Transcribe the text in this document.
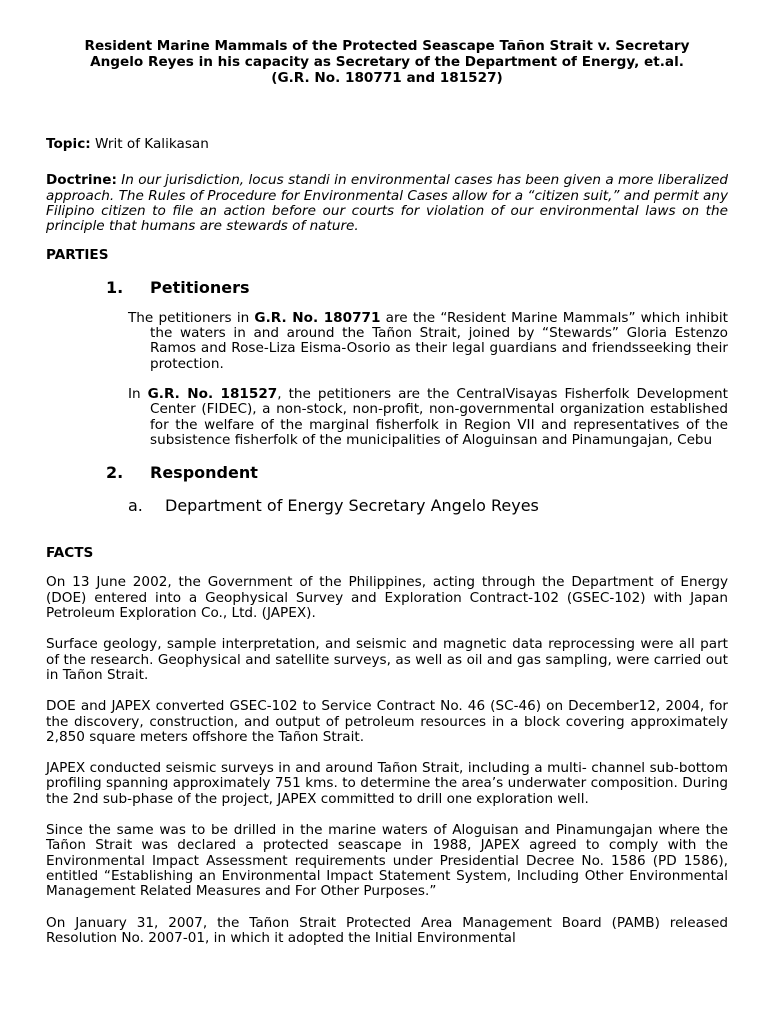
Resident Marine Mammals of the Protected Seascape Tañon Strait v. Secretary
Angelo Reyes in his capacity as Secretary of the Department of Energy, et.al.
(G.R. No. 180771 and 181527)

Topic: Writ of Kalikasan

Doctrine: In our jurisdiction, locus standi in environmental cases has been given a more liberalized approach. The Rules of Procedure for Environmental Cases allow for a “citizen suit,” and permit any Filipino citizen to file an action before our courts for violation of our environmental laws on the principle that humans are stewards of nature.

PARTIES

1.	Petitioners

The petitioners in G.R. No. 180771 are the “Resident Marine Mammals” which inhibit the waters in and around the Tañon Strait, joined by “Stewards” Gloria Estenzo Ramos and Rose-Liza Eisma-Osorio as their legal guardians and friendsseeking their protection.

In G.R. No. 181527, the petitioners are the CentralVisayas Fisherfolk Development Center (FIDEC), a non-stock, non-profit, non-governmental organization established for the welfare of the marginal fisherfolk in Region VII and representatives of the subsistence fisherfolk of the municipalities of Aloguinsan and Pinamungajan, Cebu

2.	Respondent
a.	Department of Energy Secretary Angelo Reyes

FACTS

On 13 June 2002, the Government of the Philippines, acting through the Department of Energy (DOE) entered into a Geophysical Survey and Exploration Contract-102 (GSEC-102) with Japan Petroleum Exploration Co., Ltd. (JAPEX).

Surface geology, sample interpretation, and seismic and magnetic data reprocessing were all part of the research. Geophysical and satellite surveys, as well as oil and gas sampling, were carried out in Tañon Strait.

DOE and JAPEX converted GSEC-102 to Service Contract No. 46 (SC-46) on December12, 2004, for the discovery, construction, and output of petroleum resources in a block covering approximately 2,850 square meters offshore the Tañon Strait.

JAPEX conducted seismic surveys in and around Tañon Strait, including a multi- channel sub-bottom profiling spanning approximately 751 kms. to determine the area’s underwater composition. During the 2nd sub-phase of the project, JAPEX committed to drill one exploration well.

Since the same was to be drilled in the marine waters of Aloguisan and Pinamungajan where the Tañon Strait was declared a protected seascape in 1988, JAPEX agreed to comply with the Environmental Impact Assessment requirements under Presidential Decree No. 1586 (PD 1586), entitled “Establishing an Environmental Impact Statement System, Including Other Environmental Management Related Measures and For Other Purposes.”

On January 31, 2007, the Tañon Strait Protected Area Management Board (PAMB) released Resolution No. 2007-01, in which it adopted the Initial Environmental
